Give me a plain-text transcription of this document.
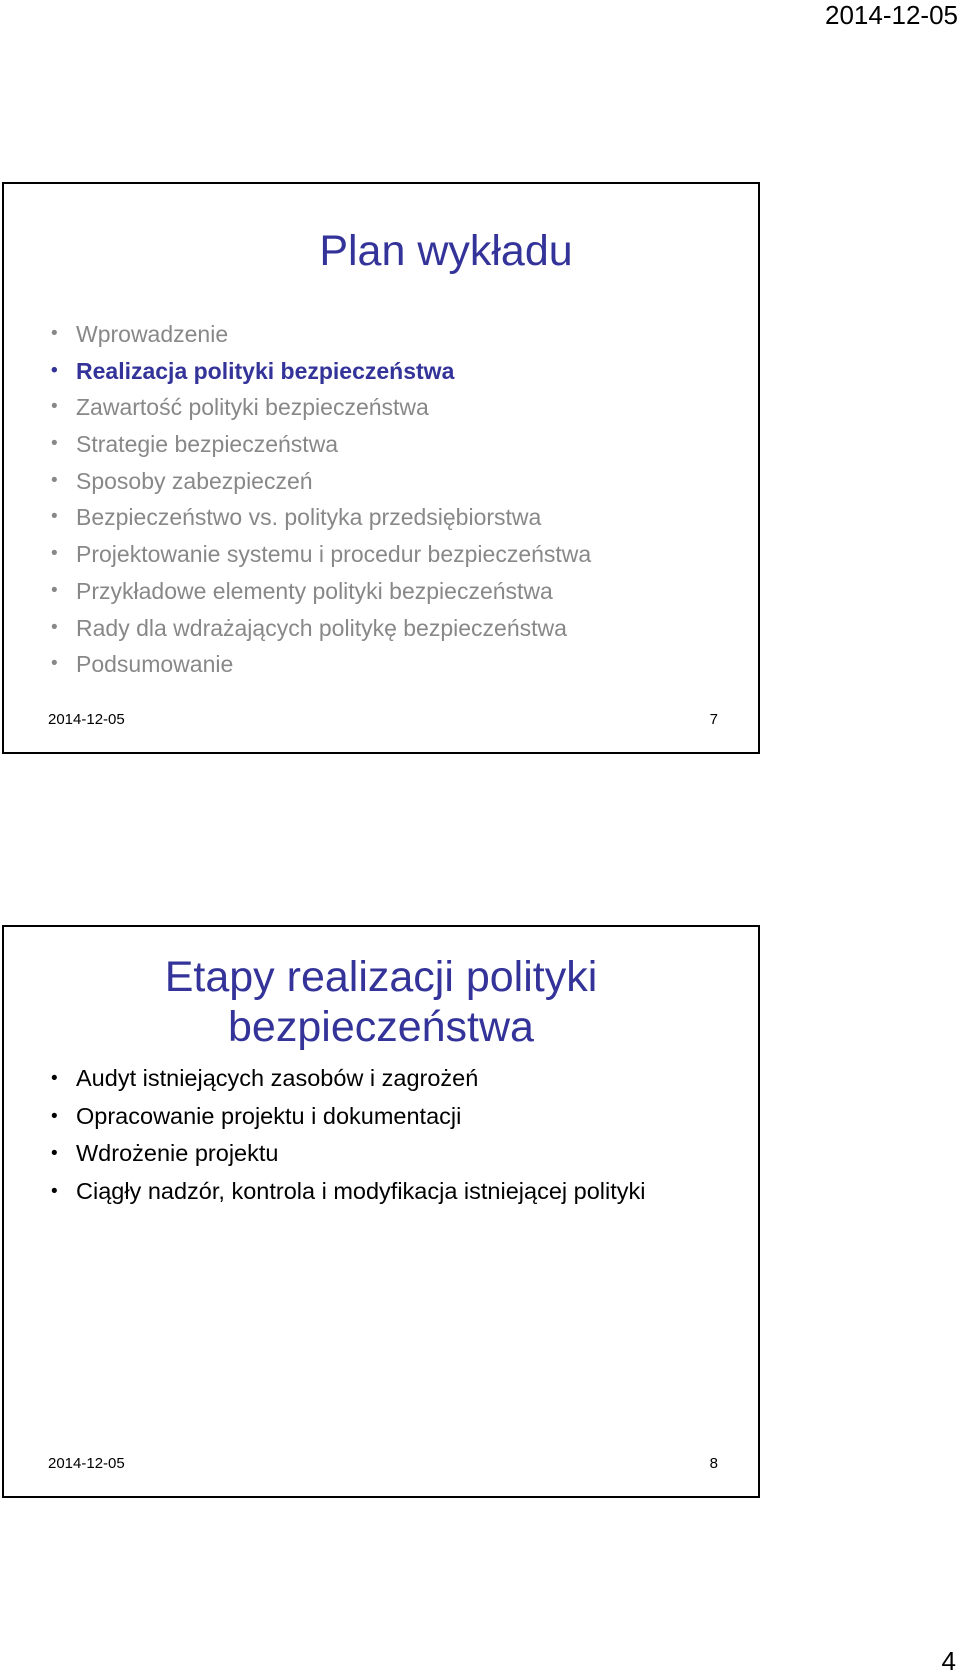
2014-12-05
Plan wykładu
• Wprowadzenie
• Realizacja polityki bezpieczeństwa
• Zawartość polityki bezpieczeństwa
• Strategie bezpieczeństwa
• Sposoby zabezpieczeń
• Bezpieczeństwo vs. polityka przedsiębiorstwa
• Projektowanie systemu i procedur bezpieczeństwa
• Przykładowe elementy polityki bezpieczeństwa
• Rady dla wdrażających politykę bezpieczeństwa
• Podsumowanie
2014-12-05	7
Etapy realizacji polityki
bezpieczeństwa
• Audyt istniejących zasobów i zagrożeń
• Opracowanie projektu i dokumentacji
• Wdrożenie projektu
• Ciągły nadzór, kontrola i modyfikacja istniejącej polityki
2014-12-05	8
4
